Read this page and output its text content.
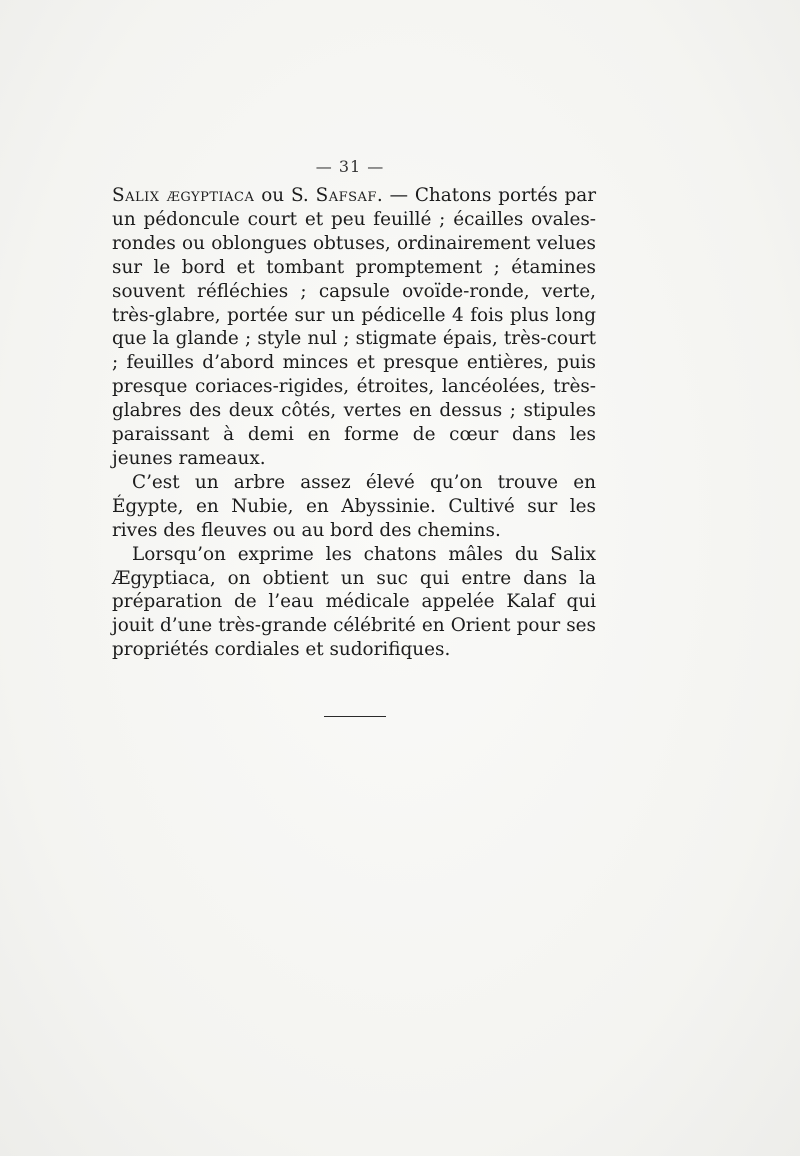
— 31 —

Salix ægyptiaca ou S. Safsaf. — Chatons portés par un pédoncule court et peu feuillé ; écailles ovales-rondes ou oblongues obtuses, ordinairement velues sur le bord et tombant promptement ; étamines souvent réfléchies ; capsule ovoïde-ronde, verte, très-glabre, portée sur un pédicelle 4 fois plus long que la glande ; style nul ; stigmate épais, très-court ; feuilles d’abord minces et presque entières, puis presque coriaces-rigides, étroites, lancéolées, très-glabres des deux côtés, vertes en dessus ; stipules paraissant à demi en forme de cœur dans les jeunes rameaux.

C’est un arbre assez élevé qu’on trouve en Égypte, en Nubie, en Abyssinie. Cultivé sur les rives des fleuves ou au bord des chemins.

Lorsqu’on exprime les chatons mâles du Salix Ægyptiaca, on obtient un suc qui entre dans la préparation de l’eau médicale appelée Kalaf qui jouit d’une très-grande célébrité en Orient pour ses propriétés cordiales et sudorifiques.
